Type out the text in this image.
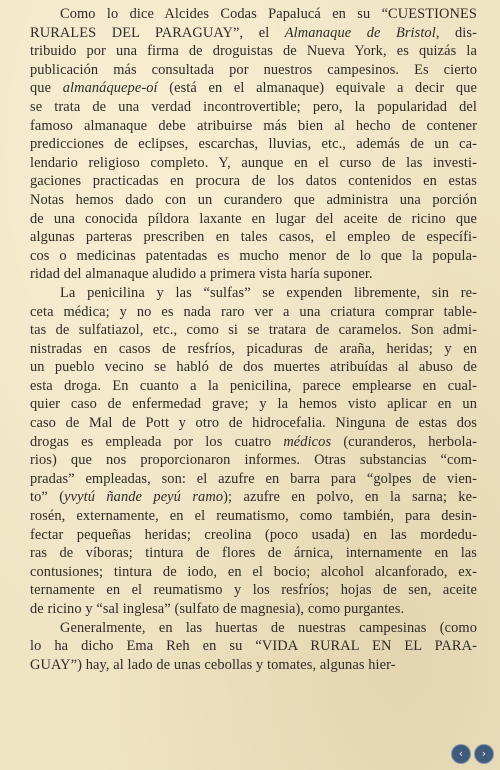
Como lo dice Alcides Codas Papalucá en su “CUESTIONES
RURALES DEL PARAGUAY”, el Almanaque de Bristol, dis-
tribuido por una firma de droguistas de Nueva York, es quizás la
publicación más consultada por nuestros campesinos. Es cierto
que almanáquepe-oí (está en el almanaque) equivale a decir que
se trata de una verdad incontrovertible; pero, la popularidad del
famoso almanaque debe atribuirse más bien al hecho de contener
predicciones de eclipses, escarchas, lluvias, etc., además de un ca-
lendario religioso completo. Y, aunque en el curso de las investi-
gaciones practicadas en procura de los datos contenidos en estas
Notas hemos dado con un curandero que administra una porción
de una conocida píldora laxante en lugar del aceite de ricino que
algunas parteras prescriben en tales casos, el empleo de específi-
cos o medicinas patentadas es mucho menor de lo que la popula-
ridad del almanaque aludido a primera vista haría suponer.
La penicilina y las “sulfas” se expenden libremente, sin re-
ceta médica; y no es nada raro ver a una criatura comprar table-
tas de sulfatiazol, etc., como si se tratara de caramelos. Son admi-
nistradas en casos de resfríos, picaduras de araña, heridas; y en
un pueblo vecino se habló de dos muertes atribuídas al abuso de
esta droga. En cuanto a la penicilina, parece emplearse en cual-
quier caso de enfermedad grave; y la hemos visto aplicar en un
caso de Mal de Pott y otro de hidrocefalia. Ninguna de estas dos
drogas es empleada por los cuatro médicos (curanderos, herbola-
rios) que nos proporcionaron informes. Otras substancias “com-
pradas” empleadas, son: el azufre en barra para “golpes de vien-
to” (yvytú ñande peyú ramo); azufre en polvo, en la sarna; ke-
rosén, externamente, en el reumatismo, como también, para desin-
fectar pequeñas heridas; creolina (poco usada) en las mordedu-
ras de víboras; tintura de flores de árnica, internamente en las
contusiones; tintura de iodo, en el bocio; alcohol alcanforado, ex-
ternamente en el reumatismo y los resfríos; hojas de sen, aceite
de ricino y “sal inglesa” (sulfato de magnesia), como purgantes.
Generalmente, en las huertas de nuestras campesinas (como
lo ha dicho Ema Reh en su “VIDA RURAL EN EL PARA-
GUAY”) hay, al lado de unas cebollas y tomates, algunas hier-
‹	›
